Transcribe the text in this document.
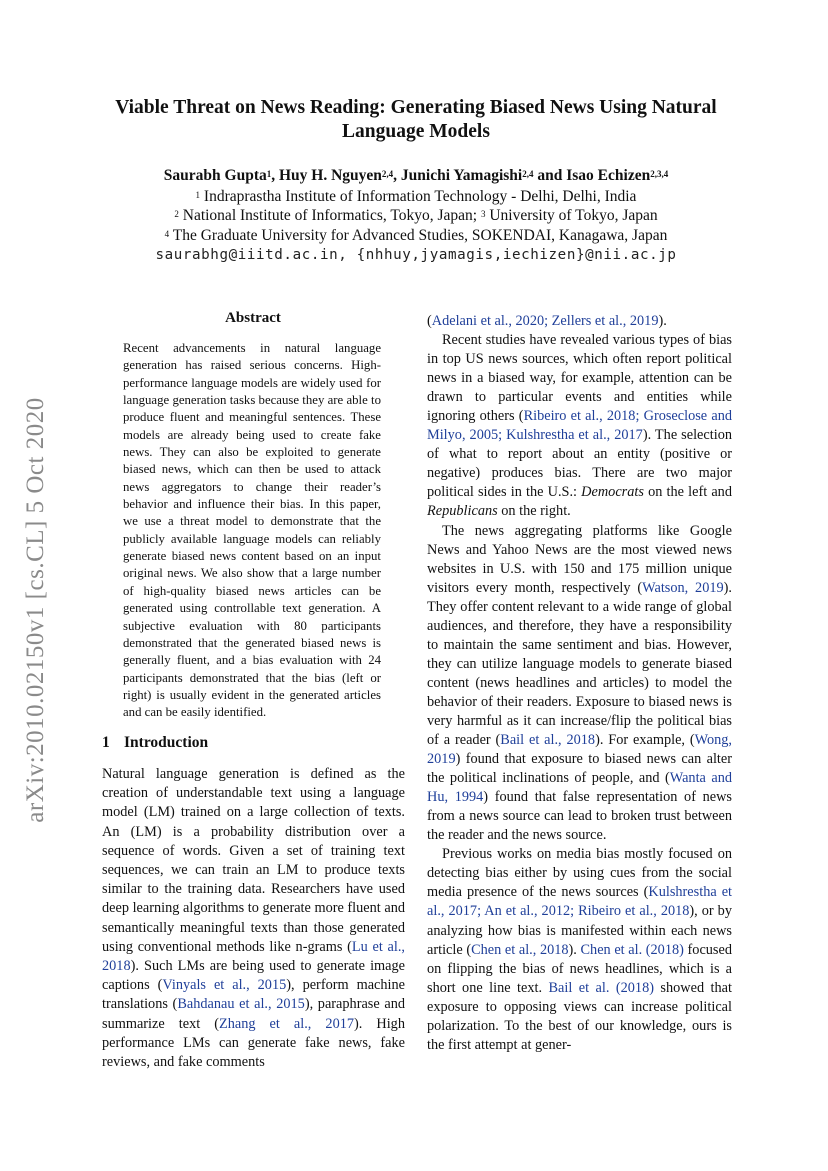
arXiv:2010.02150v1 [cs.CL] 5 Oct 2020
Viable Threat on News Reading: Generating Biased News Using Natural
Language Models
Saurabh Gupta$^1$, Huy H. Nguyen$^{2,4}$, Junichi Yamagishi$^{2,4}$ and Isao Echizen$^{2,3,4}$
$^1$ Indraprastha Institute of Information Technology - Delhi, Delhi, India
$^2$ National Institute of Informatics, Tokyo, Japan; $^3$ University of Tokyo, Japan
$^4$ The Graduate University for Advanced Studies, SOKENDAI, Kanagawa, Japan
saurabhg@iiitd.ac.in, {nhhuy,jyamagis,iechizen}@nii.ac.jp
Abstract
Recent advancements in natural language generation has raised serious concerns. High-performance language models are widely used for language generation tasks because they are able to produce fluent and meaningful sentences. These models are already being used to create fake news. They can also be exploited to generate biased news, which can then be used to attack news aggregators to change their reader’s behavior and influence their bias. In this paper, we use a threat model to demonstrate that the publicly available language models can reliably generate biased news content based on an input original news. We also show that a large number of high-quality biased news articles can be generated using controllable text generation. A subjective evaluation with 80 participants demonstrated that the generated biased news is generally fluent, and a bias evaluation with 24 participants demonstrated that the bias (left or right) is usually evident in the generated articles and can be easily identified.
1 Introduction

Natural language generation is defined as the creation of understandable text using a language model (LM) trained on a large collection of texts. An (LM) is a probability distribution over a sequence of words. Given a set of training text sequences, we can train an LM to produce texts similar to the training data. Researchers have used deep learning algorithms to generate more fluent and semantically meaningful texts than those generated using conventional methods like n-grams (Lu et al., 2018). Such LMs are being used to generate image captions (Vinyals et al., 2015), perform machine translations (Bahdanau et al., 2015), paraphrase and summarize text (Zhang et al., 2017). High performance LMs can generate fake news, fake reviews, and fake comments

(Adelani et al., 2020; Zellers et al., 2019).

Recent studies have revealed various types of bias in top US news sources, which often report political news in a biased way, for example, attention can be drawn to particular events and entities while ignoring others (Ribeiro et al., 2018; Groseclose and Milyo, 2005; Kulshrestha et al., 2017). The selection of what to report about an entity (positive or negative) produces bias. There are two major political sides in the U.S.: Democrats on the left and Republicans on the right.

The news aggregating platforms like Google News and Yahoo News are the most viewed news websites in U.S. with 150 and 175 million unique visitors every month, respectively (Watson, 2019). They offer content relevant to a wide range of global audiences, and therefore, they have a responsibility to maintain the same sentiment and bias. However, they can utilize language models to generate biased content (news headlines and articles) to model the behavior of their readers. Exposure to biased news is very harmful as it can increase/flip the political bias of a reader (Bail et al., 2018). For example, (Wong, 2019) found that exposure to biased news can alter the political inclinations of people, and (Wanta and Hu, 1994) found that false representation of news from a news source can lead to broken trust between the reader and the news source.

Previous works on media bias mostly focused on detecting bias either by using cues from the social media presence of the news sources (Kulshrestha et al., 2017; An et al., 2012; Ribeiro et al., 2018), or by analyzing how bias is manifested within each news article (Chen et al., 2018). Chen et al. (2018) focused on flipping the bias of news headlines, which is a short one line text. Bail et al. (2018) showed that exposure to opposing views can increase political polarization. To the best of our knowledge, ours is the first attempt at gener-
